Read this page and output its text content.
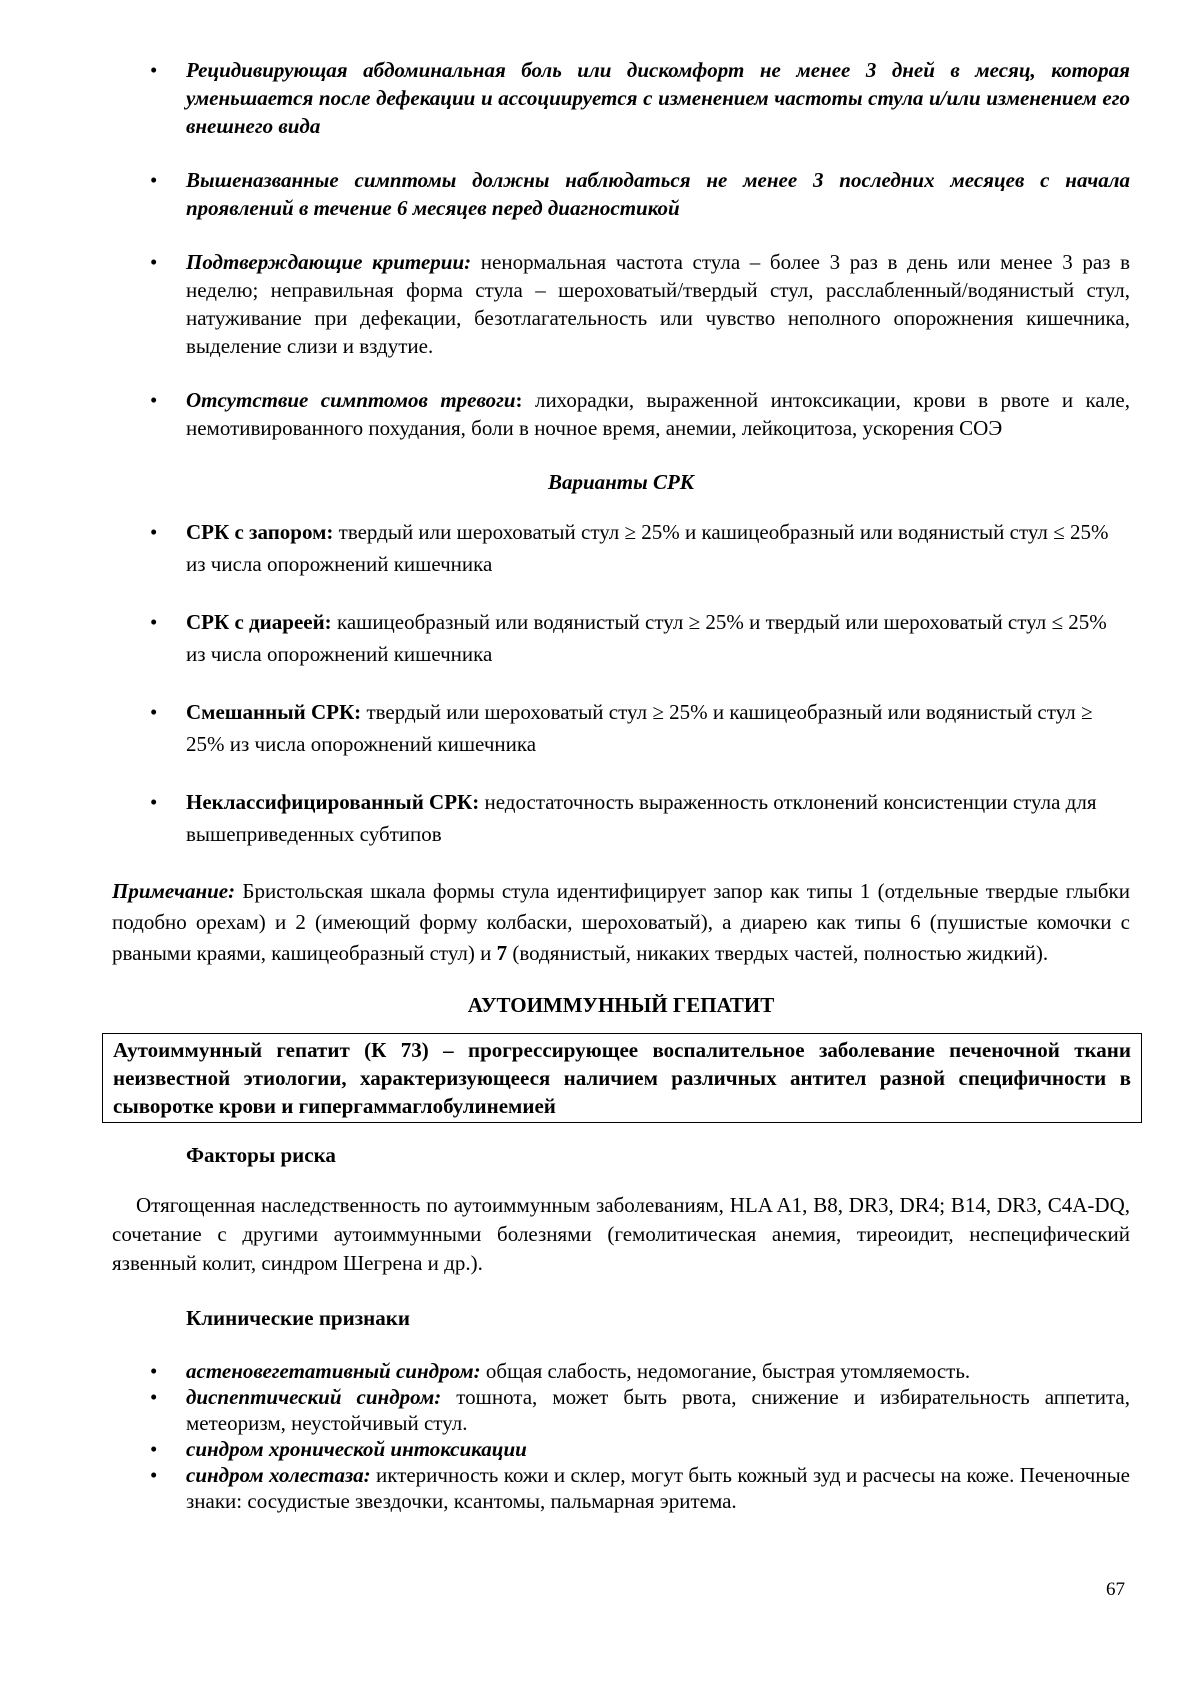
• Рецидивирующая абдоминальная боль или дискомфорт не менее 3 дней в месяц, которая уменьшается после дефекации и ассоциируется с изменением частоты стула и/или изменением его внешнего вида
• Вышеназванные симптомы должны наблюдаться не менее 3 последних месяцев с начала проявлений в течение 6 месяцев перед диагностикой
• Подтверждающие критерии: ненормальная частота стула – более 3 раз в день или менее 3 раз в неделю; неправильная форма стула – шероховатый/твердый стул, расслабленный/водянистый стул, натуживание при дефекации, безотлагательность или чувство неполного опорожнения кишечника, выделение слизи и вздутие.
• Отсутствие симптомов тревоги: лихорадки, выраженной интоксикации, крови в рвоте и кале, немотивированного похудания, боли в ночное время, анемии, лейкоцитоза, ускорения СОЭ
Варианты СРК
• СРК с запором: твердый или шероховатый стул ≥ 25% и кашицеобразный или водянистый стул ≤ 25% из числа опорожнений кишечника
• СРК с диареей: кашицеобразный или водянистый стул ≥ 25% и твердый или шероховатый стул ≤ 25% из числа опорожнений кишечника
• Смешанный СРК: твердый или шероховатый стул ≥ 25% и кашицеобразный или водянистый стул ≥ 25% из числа опорожнений кишечника
• Неклассифицированный СРК: недостаточность выраженность отклонений консистенции стула для вышеприведенных субтипов

Примечание: Бристольская шкала формы стула идентифицирует запор как типы 1 (отдельные твердые глыбки подобно орехам) и 2 (имеющий форму колбаски, шероховатый), а диарею как типы 6 (пушистые комочки с рваными краями, кашицеобразный стул) и 7 (водянистый, никаких твердых частей, полностью жидкий).

АУТОИММУННЫЙ ГЕПАТИТ
Аутоиммунный гепатит (К 73) – прогрессирующее воспалительное заболевание печеночной ткани неизвестной этиологии, характеризующееся наличием различных антител разной специфичности в сыворотке крови и гипергаммаглобулинемией
Факторы риска

Отягощенная наследственность по аутоиммунным заболеваниям, HLA A1, B8, DR3, DR4; B14, DR3, C4A-DQ, сочетание с другими аутоиммунными болезнями (гемолитическая анемия, тиреоидит, неспецифический язвенный колит, синдром Шегрена и др.).

Клинические признаки
• астеновегетативный синдром: общая слабость, недомогание, быстрая утомляемость.
• диспептический синдром: тошнота, может быть рвота, снижение и избирательность аппетита, метеоризм, неустойчивый стул.
• синдром хронической интоксикации
• синдром холестаза: иктеричность кожи и склер, могут быть кожный зуд и расчесы на коже. Печеночные знаки: сосудистые звездочки, ксантомы, пальмарная эритема.
67
